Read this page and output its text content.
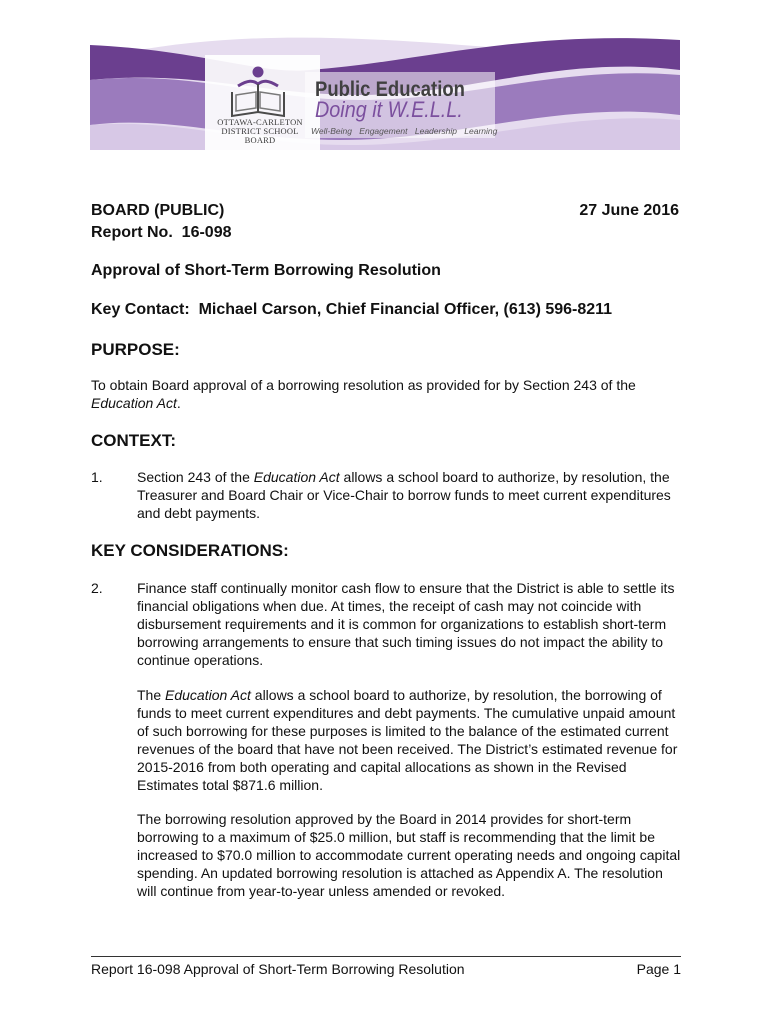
OTTAWA-CARLETON
DISTRICT SCHOOL BOARD
Public Education
Doing it W.E.L.L.
Well-Being Engagement Leadership Learning
BOARD (PUBLIC)
Report No.  16-098
27 June 2016
Approval of Short-Term Borrowing Resolution
Key Contact:  Michael Carson, Chief Financial Officer, (613) 596-8211
PURPOSE:

To obtain Board approval of a borrowing resolution as provided for by Section 243 of the Education Act.

CONTEXT:
1. Section 243 of the Education Act allows a school board to authorize, by resolution, the Treasurer and Board Chair or Vice-Chair to borrow funds to meet current expenditures and debt payments.

KEY CONSIDERATIONS:
2. Finance staff continually monitor cash flow to ensure that the District is able to settle its financial obligations when due. At times, the receipt of cash may not coincide with disbursement requirements and it is common for organizations to establish short-term borrowing arrangements to ensure that such timing issues do not impact the ability to continue operations.

The Education Act allows a school board to authorize, by resolution, the borrowing of funds to meet current expenditures and debt payments. The cumulative unpaid amount of such borrowing for these purposes is limited to the balance of the estimated current revenues of the board that have not been received. The District’s estimated revenue for 2015-2016 from both operating and capital allocations as shown in the Revised Estimates total $871.6 million.

The borrowing resolution approved by the Board in 2014 provides for short-term borrowing to a maximum of $25.0 million, but staff is recommending that the limit be increased to $70.0 million to accommodate current operating needs and ongoing capital spending. An updated borrowing resolution is attached as Appendix A. The resolution will continue from year-to-year unless amended or revoked.

Report 16-098 Approval of Short-Term Borrowing Resolution	Page 1
